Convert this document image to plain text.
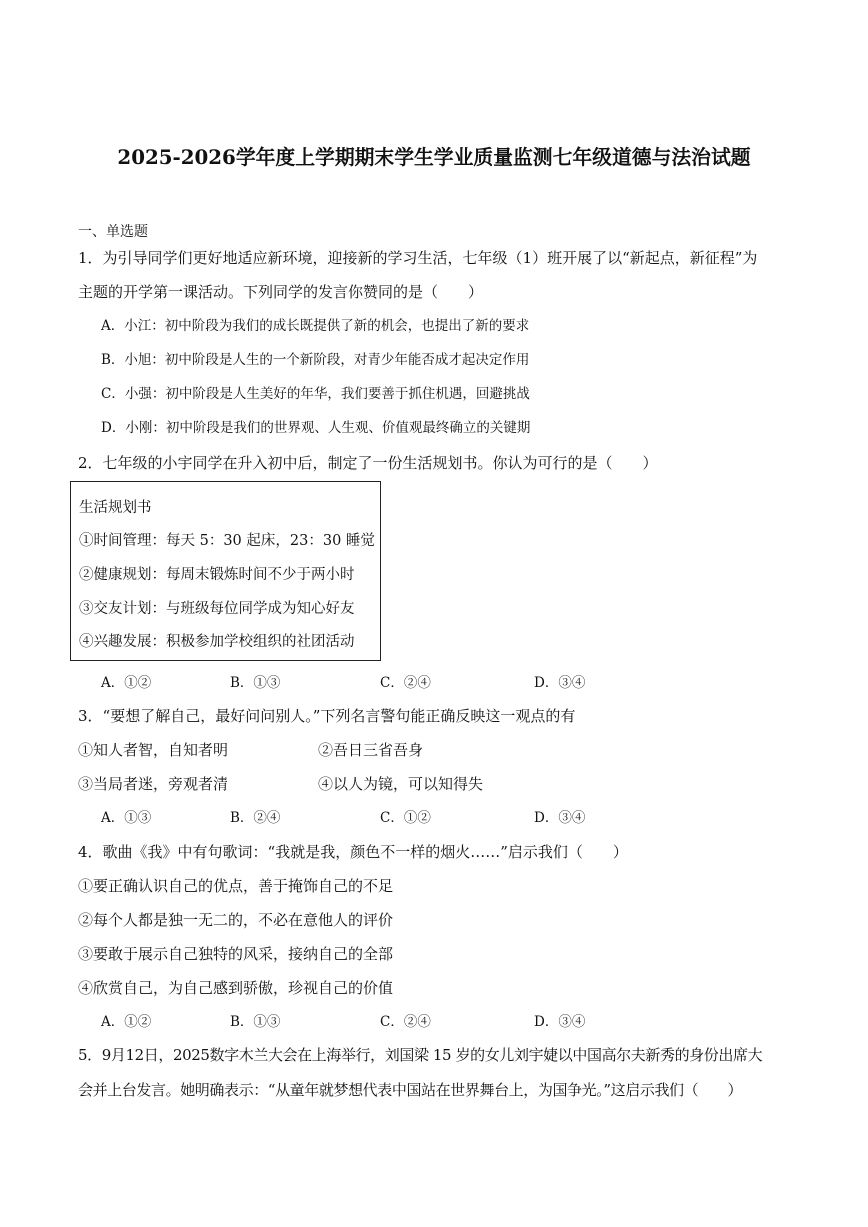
2025-2026学年度上学期期末学生学业质量监测七年级道德与法治试题
一、单选题
1．为引导同学们更好地适应新环境，迎接新的学习生活，七年级（1）班开展了以“新起点，新征程”为
主题的开学第一课活动。下列同学的发言你赞同的是（　　）
A．小江：初中阶段为我们的成长既提供了新的机会，也提出了新的要求
B．小旭：初中阶段是人生的一个新阶段，对青少年能否成才起决定作用
C．小强：初中阶段是人生美好的年华，我们要善于抓住机遇，回避挑战
D．小刚：初中阶段是我们的世界观、人生观、价值观最终确立的关键期
2．七年级的小宇同学在升入初中后，制定了一份生活规划书。你认为可行的是（　　）
生活规划书
①时间管理：每天 5：30 起床，23：30 睡觉
②健康规划：每周末锻炼时间不少于两小时
③交友计划：与班级每位同学成为知心好友
④兴趣发展：积极参加学校组织的社团活动
A．①②	B．①③	C．②④	D．③④
3．“要想了解自己，最好问问别人。”下列名言警句能正确反映这一观点的有
①知人者智，自知者明	②吾日三省吾身
③当局者迷，旁观者清	④以人为镜，可以知得失
A．①③	B．②④	C．①②	D．③④
4．歌曲《我》中有句歌词：“我就是我，颜色不一样的烟火……”启示我们（　　）
①要正确认识自己的优点，善于掩饰自己的不足
②每个人都是独一无二的，不必在意他人的评价
③要敢于展示自己独特的风采，接纳自己的全部
④欣赏自己，为自己感到骄傲，珍视自己的价值
A．①②	B．①③	C．②④	D．③④
5．9月12日，2025数字木兰大会在上海举行，刘国梁 15 岁的女儿刘宇婕以中国高尔夫新秀的身份出席大
会并上台发言。她明确表示：“从童年就梦想代表中国站在世界舞台上，为国争光。”这启示我们（　　）
